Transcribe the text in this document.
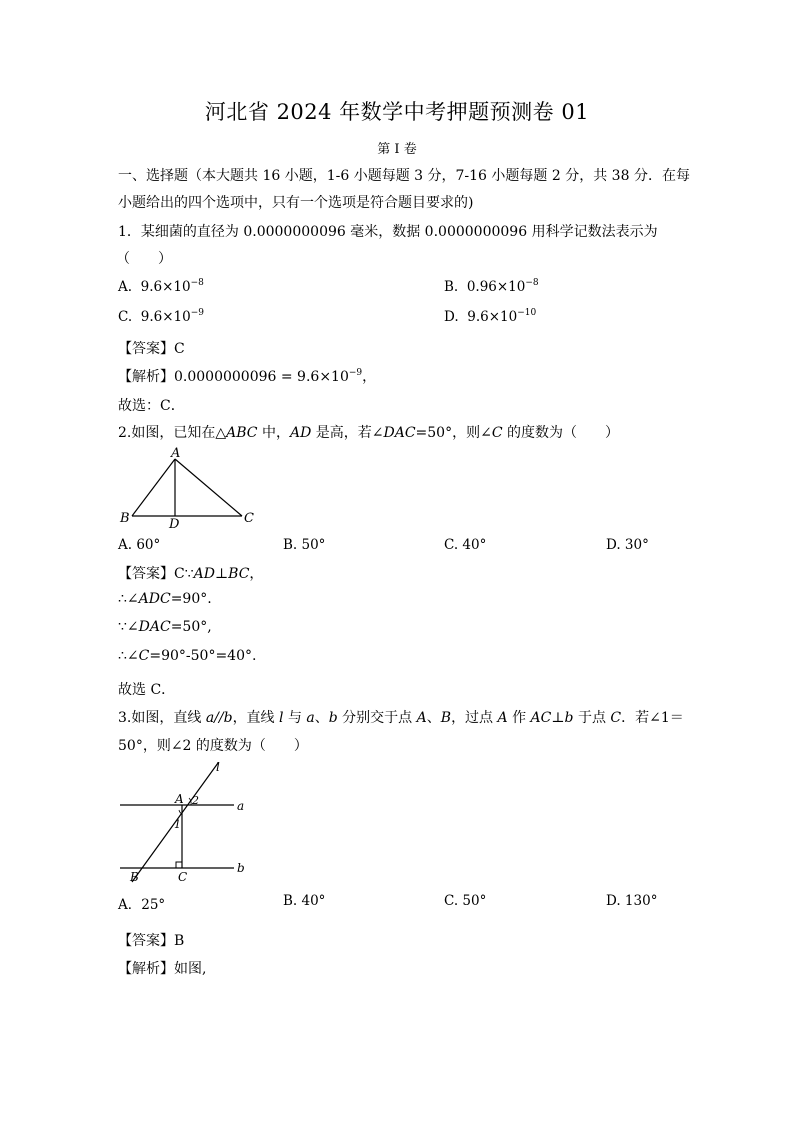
河北省 2024 年数学中考押题预测卷 01
第 I 卷
一、选择题（本大题共 16 小题，1-6 小题每题 3 分，7-16 小题每题 2 分，共 38 分．在每
小题给出的四个选项中，只有一个选项是符合题目要求的)
1．某细菌的直径为 0.0000000096 毫米，数据 0.0000000096 用科学记数法表示为
（　　）
A. $9.6\times 10^{-8}$	B. $0.96\times 10^{-8}$
C. $9.6\times 10^{-9}$	D. $9.6\times 10^{-10}$
【答案】C
【解析】$0.0000000096 = 9.6\times 10^{-9}$，
故选：C．
2.如图，已知在△ABC 中，AD 是高，若∠DAC=50°，则∠C 的度数为（　　）
A
B	C
D
A. 60°	B. 50°	C. 40°	D. 30°
【答案】C∵AD⊥BC，
∴∠ADC=90°.
∵∠DAC=50°,
∴∠C=90°-50°=40°.
故选 C．
3.如图，直线 a//b，直线 l 与 a、b 分别交于点 A、B，过点 A 作 AC⊥b 于点 C．若∠1＝
50°，则∠2 的度数为（　　）
l
a
b
A
B	C
1
2
A．25°	B. 40°	C. 50°	D. 130°
【答案】B
【解析】如图,
